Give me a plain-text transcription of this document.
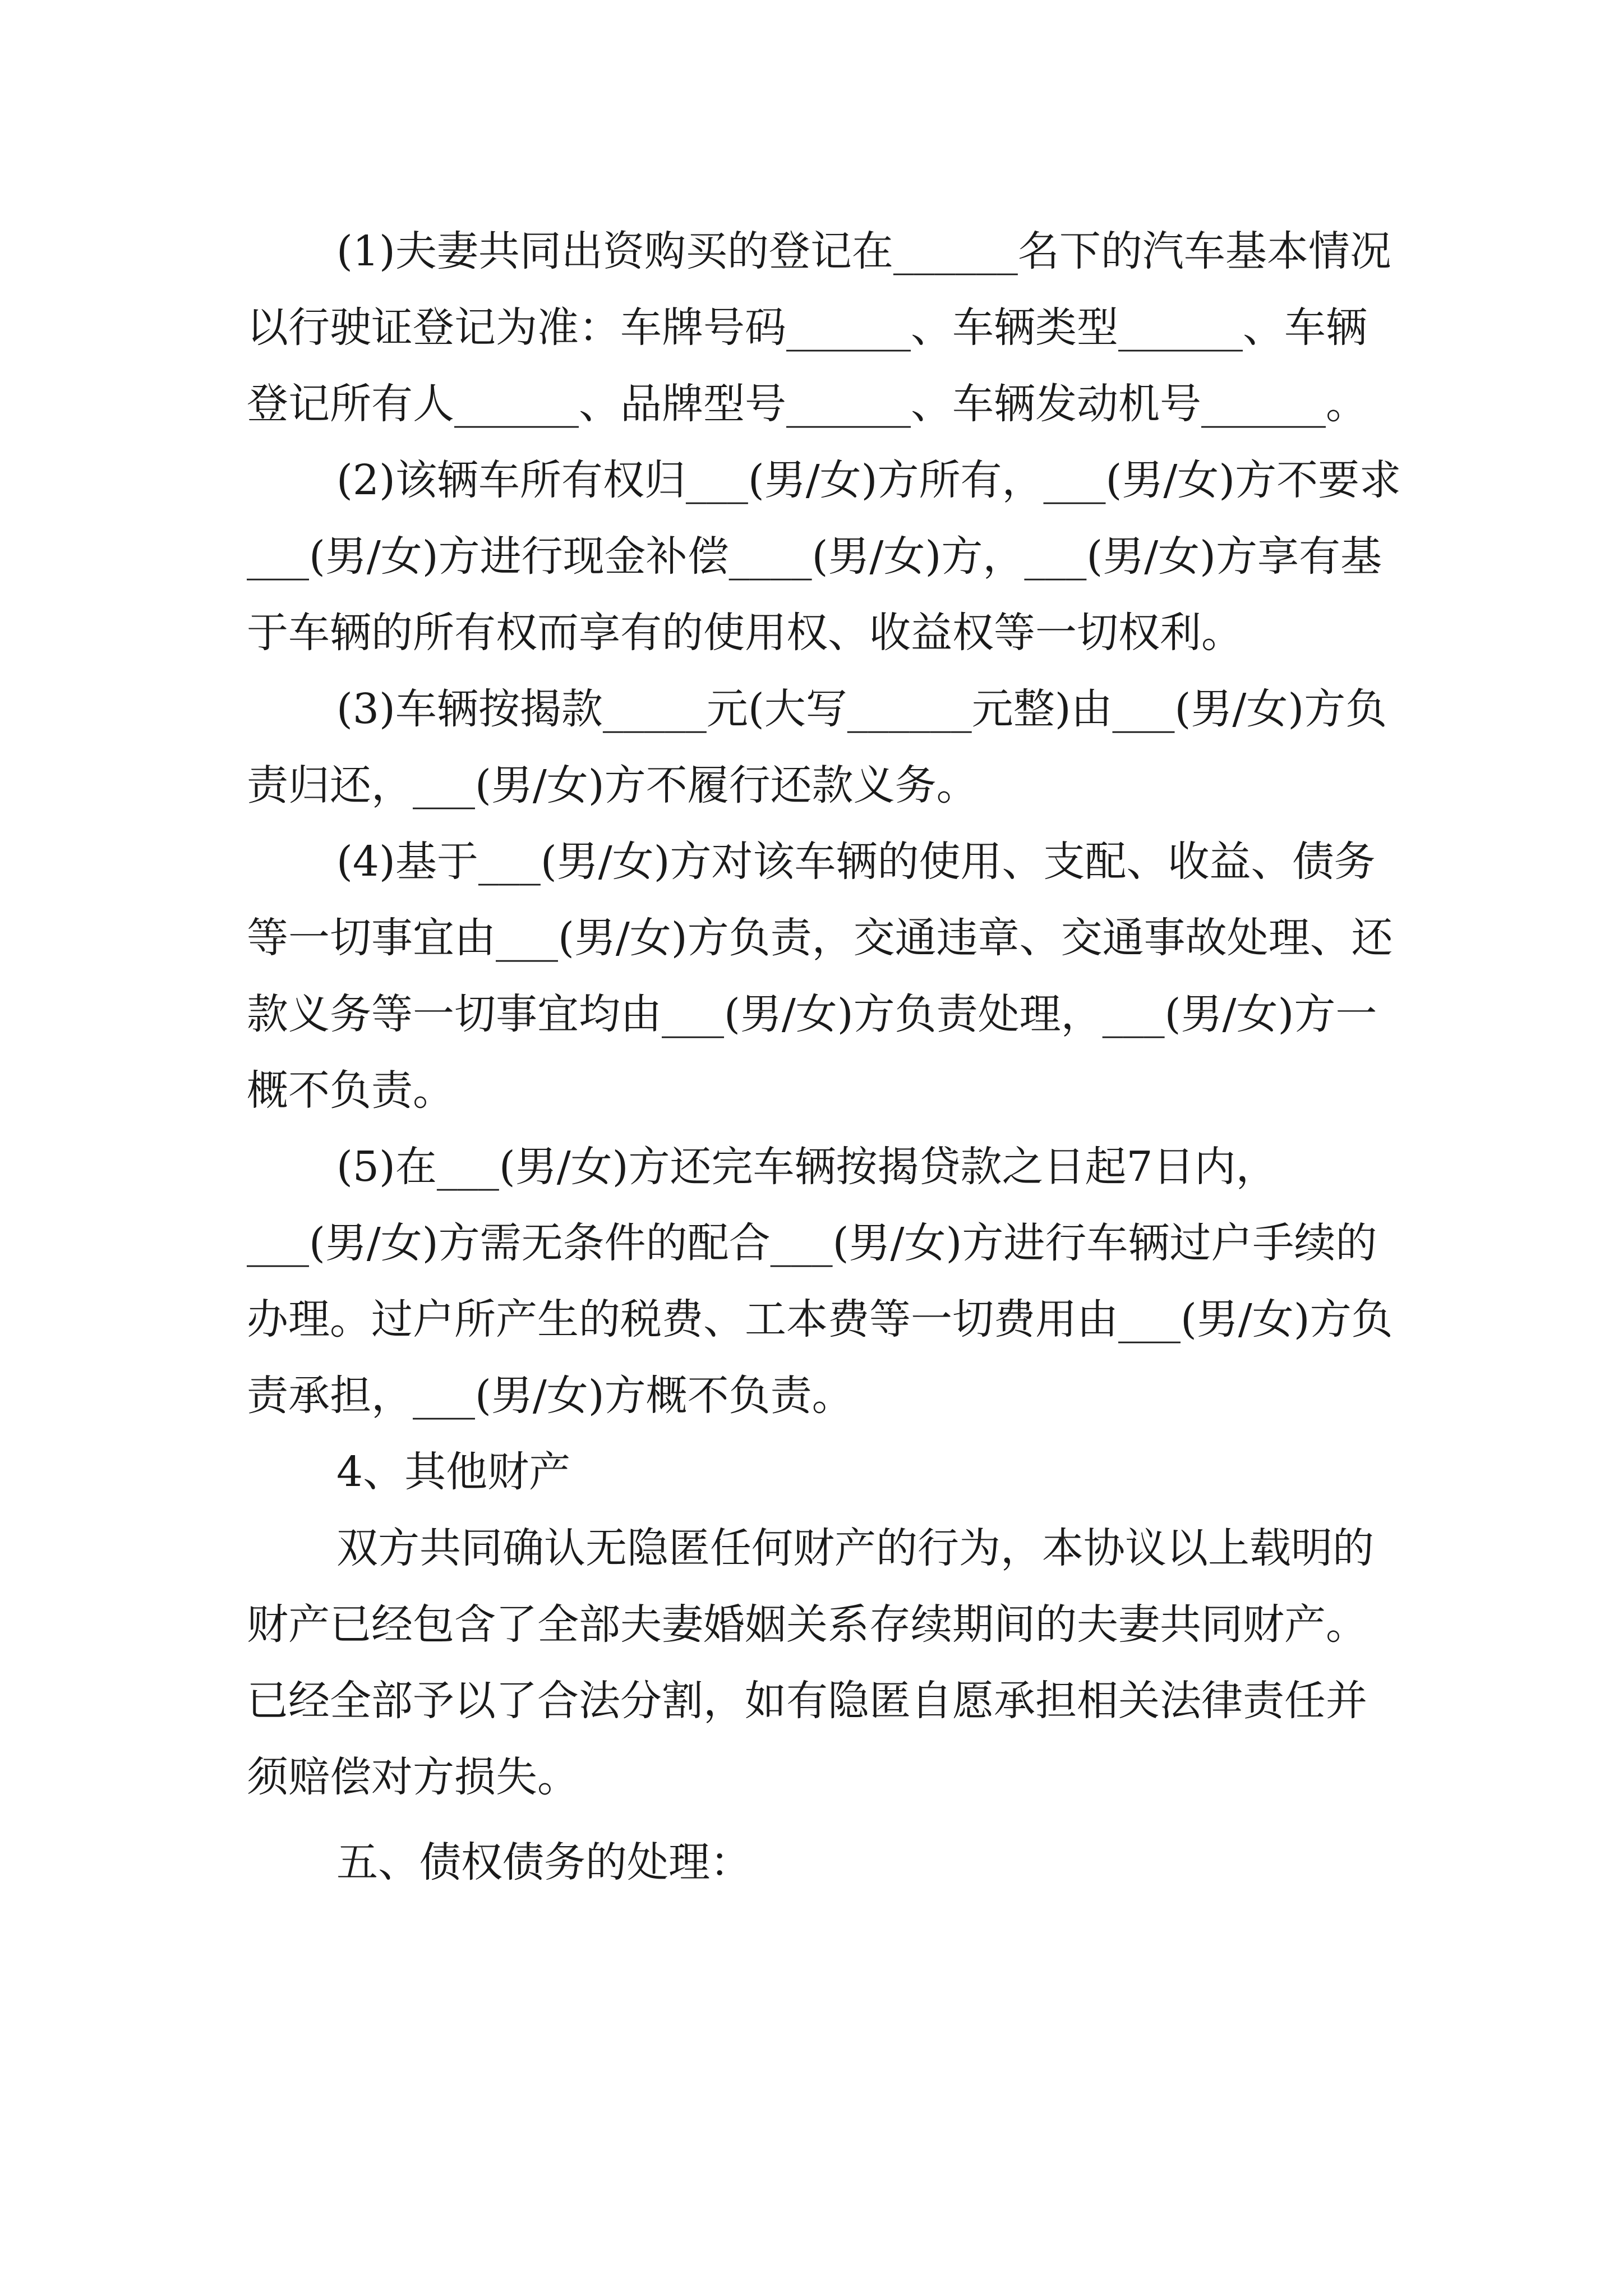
(1)夫妻共同出资购买的登记在______名下的汽车基本情况以行驶证登记为准：车牌号码______、车辆类型______、车辆登记所有人______、品牌型号______、车辆发动机号______。

(2)该辆车所有权归___(男/女)方所有，___(男/女)方不要求___(男/女)方进行现金补偿____(男/女)方，___(男/女)方享有基于车辆的所有权而享有的使用权、收益权等一切权利。

(3)车辆按揭款_____元(大写______元整)由___(男/女)方负责归还，___(男/女)方不履行还款义务。

(4)基于___(男/女)方对该车辆的使用、支配、收益、债务等一切事宜由___(男/女)方负责，交通违章、交通事故处理、还款义务等一切事宜均由___(男/女)方负责处理，___(男/女)方一概不负责。

(5)在___(男/女)方还完车辆按揭贷款之日起7日内，___(男/女)方需无条件的配合___(男/女)方进行车辆过户手续的办理。过户所产生的税费、工本费等一切费用由___(男/女)方负责承担，___(男/女)方概不负责。

4、其他财产

双方共同确认无隐匿任何财产的行为，本协议以上载明的财产已经包含了全部夫妻婚姻关系存续期间的夫妻共同财产。已经全部予以了合法分割，如有隐匿自愿承担相关法律责任并须赔偿对方损失。

五、债权债务的处理：
